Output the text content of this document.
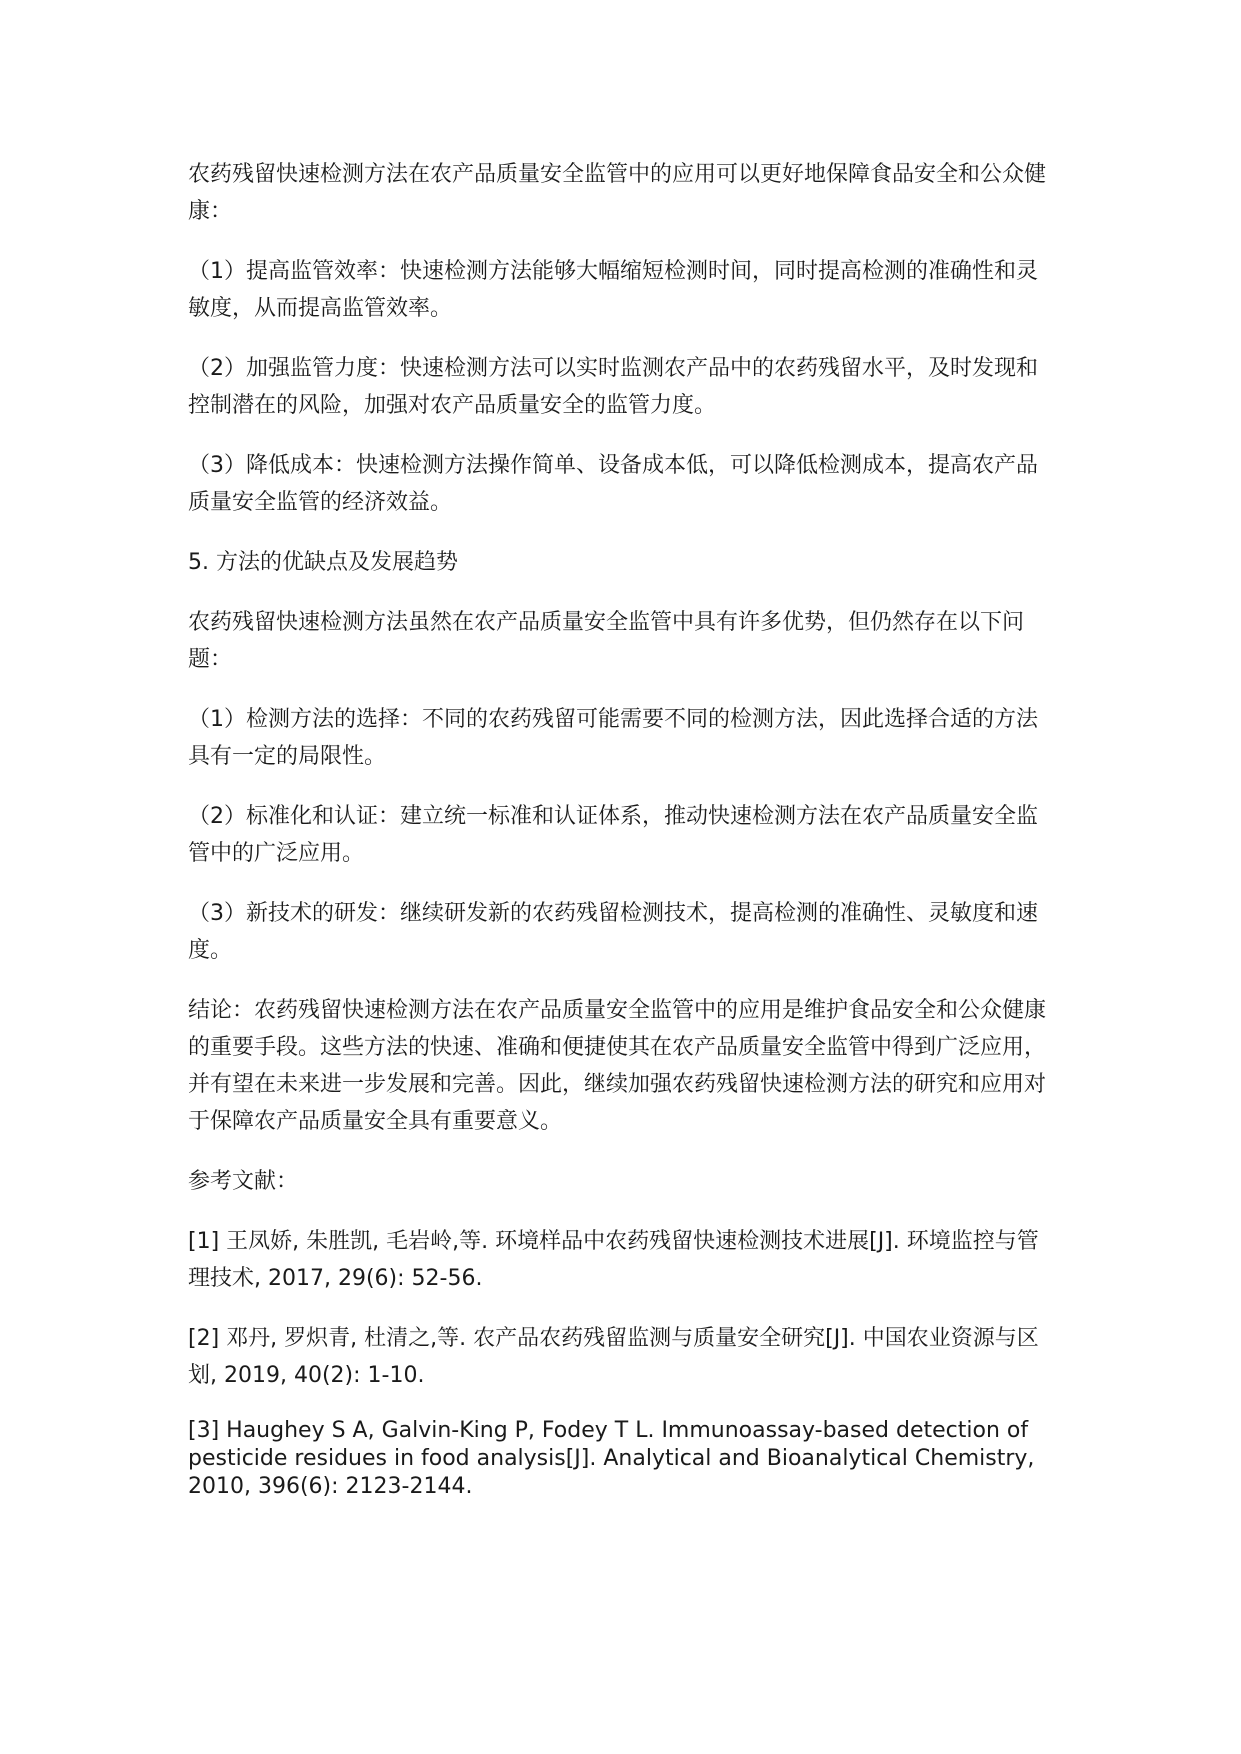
农药残留快速检测方法在农产品质量安全监管中的应用可以更好地保障食品安全和公众健康：

（1）提高监管效率：快速检测方法能够大幅缩短检测时间，同时提高检测的准确性和灵敏度，从而提高监管效率。

（2）加强监管力度：快速检测方法可以实时监测农产品中的农药残留水平，及时发现和控制潜在的风险，加强对农产品质量安全的监管力度。

（3）降低成本：快速检测方法操作简单、设备成本低，可以降低检测成本，提高农产品质量安全监管的经济效益。

5. 方法的优缺点及发展趋势

农药残留快速检测方法虽然在农产品质量安全监管中具有许多优势，但仍然存在以下问题：

（1）检测方法的选择：不同的农药残留可能需要不同的检测方法，因此选择合适的方法具有一定的局限性。

（2）标准化和认证：建立统一标准和认证体系，推动快速检测方法在农产品质量安全监管中的广泛应用。

（3）新技术的研发：继续研发新的农药残留检测技术，提高检测的准确性、灵敏度和速度。

结论：农药残留快速检测方法在农产品质量安全监管中的应用是维护食品安全和公众健康的重要手段。这些方法的快速、准确和便捷使其在农产品质量安全监管中得到广泛应用，并有望在未来进一步发展和完善。因此，继续加强农药残留快速检测方法的研究和应用对于保障农产品质量安全具有重要意义。

参考文献：

[1] 王凤娇, 朱胜凯, 毛岩岭,等. 环境样品中农药残留快速检测技术进展[J]. 环境监控与管理技术, 2017, 29(6): 52-56.

[2] 邓丹, 罗炽青, 杜清之,等. 农产品农药残留监测与质量安全研究[J]. 中国农业资源与区划, 2019, 40(2): 1-10.

[3] Haughey S A, Galvin-King P, Fodey T L. Immunoassay-based detection of pesticide residues in food analysis[J]. Analytical and Bioanalytical Chemistry, 2010, 396(6): 2123-2144.
